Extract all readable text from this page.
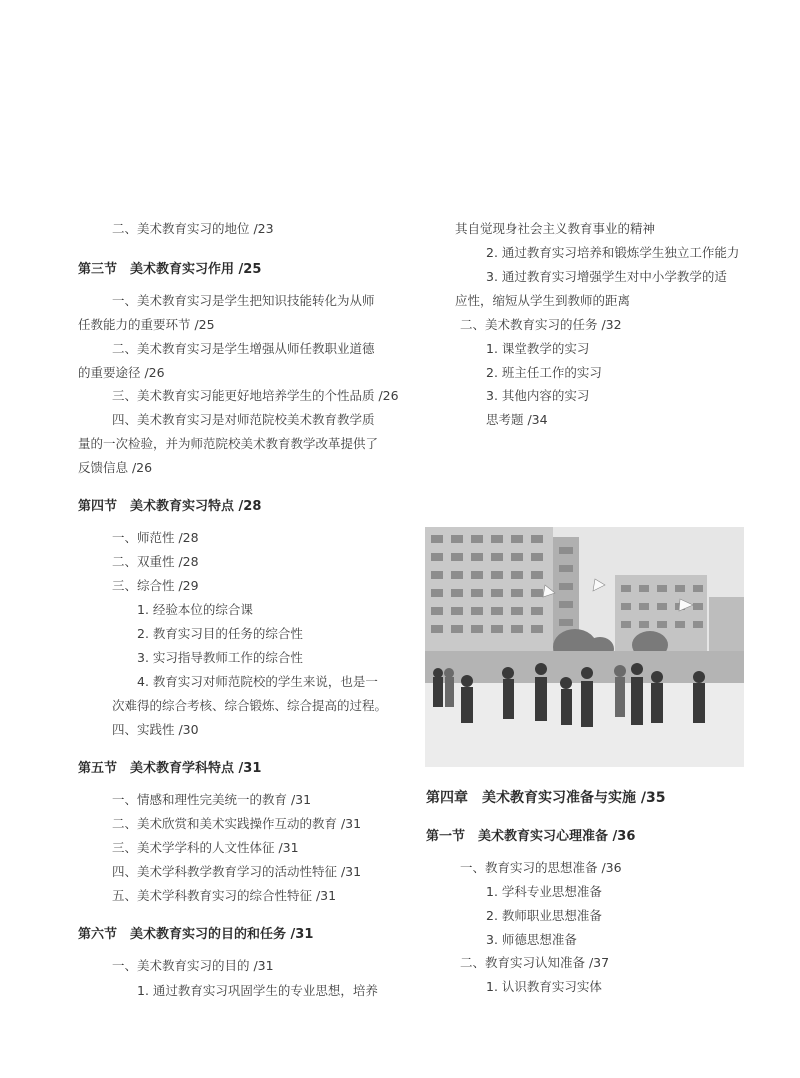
二、美术教育实习的地位 /23
第三节　美术教育实习作用 /25
一、美术教育实习是学生把知识技能转化为从师
任教能力的重要环节 /25
二、美术教育实习是学生增强从师任教职业道德
的重要途径 /26
三、美术教育实习能更好地培养学生的个性品质 /26
四、美术教育实习是对师范院校美术教育教学质
量的一次检验，并为师范院校美术教育教学改革提供了
反馈信息 /26
第四节　美术教育实习特点 /28
一、师范性 /28
二、双重性 /28
三、综合性 /29
1. 经验本位的综合课
2. 教育实习目的任务的综合性
3. 实习指导教师工作的综合性
4. 教育实习对师范院校的学生来说，也是一
次难得的综合考核、综合锻炼、综合提高的过程。
四、实践性 /30
第五节　美术教育学科特点 /31
一、情感和理性完美统一的教育 /31
二、美术欣赏和美术实践操作互动的教育 /31
三、美术学学科的人文性体征 /31
四、美术学科教学教育学习的活动性特征 /31
五、美术学科教育实习的综合性特征 /31
第六节　美术教育实习的目的和任务 /31
一、美术教育实习的目的 /31
1. 通过教育实习巩固学生的专业思想，培养
其自觉现身社会主义教育事业的精神
2. 通过教育实习培养和锻炼学生独立工作能力
3. 通过教育实习增强学生对中小学教学的适
应性，缩短从学生到教师的距离
二、美术教育实习的任务 /32
1. 课堂教学的实习
2. 班主任工作的实习
3. 其他内容的实习
思考题 /34
第四章　美术教育实习准备与实施 /35
第一节　美术教育实习心理准备 /36
一、教育实习的思想准备 /36
1. 学科专业思想准备
2. 教师职业思想准备
3. 师德思想准备
二、教育实习认知准备 /37
1. 认识教育实习实体
